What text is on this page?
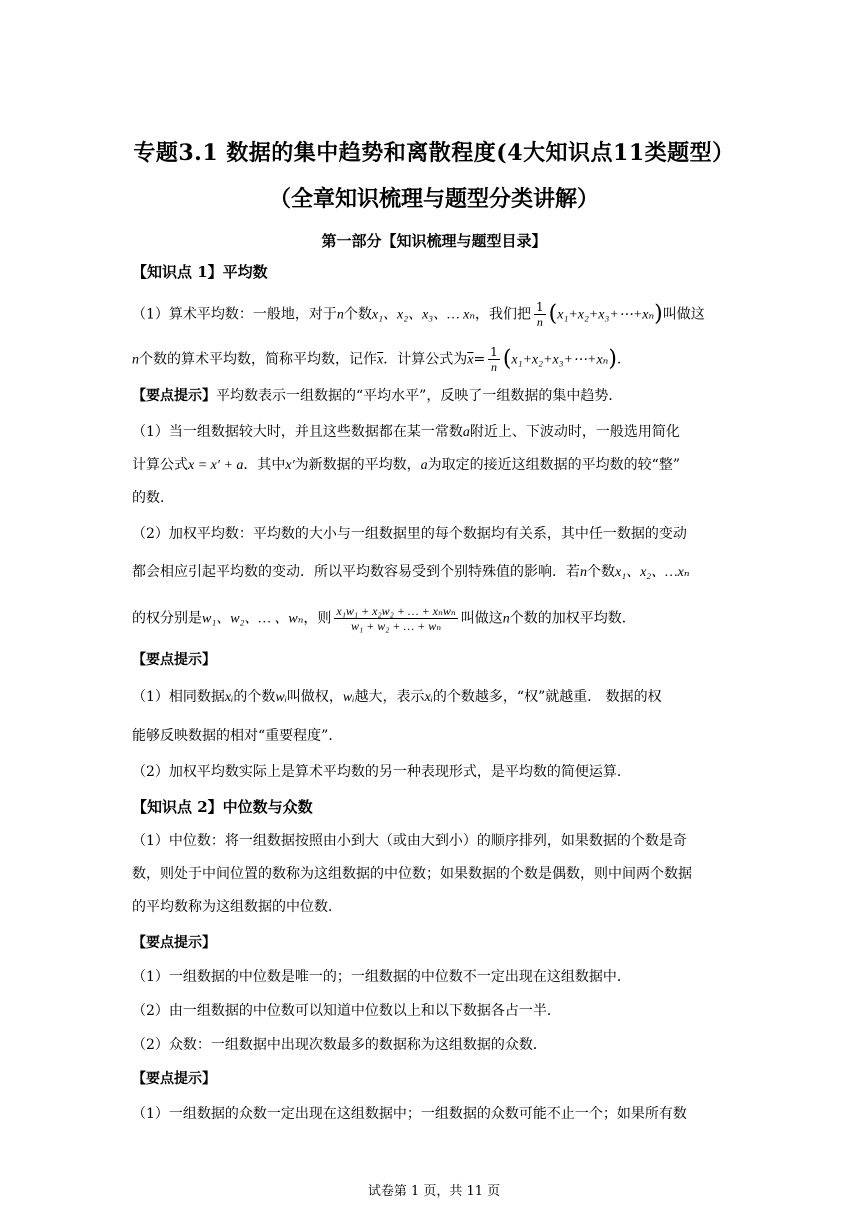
专题3.1 数据的集中趋势和离散程度(4大知识点11类题型）
（全章知识梳理与题型分类讲解）
第一部分【知识梳理与题型目录】
【知识点 1】平均数
（1）算术平均数：一般地，对于n个数x₁、x₂、x₃、… xₙ，我们把 $\frac{1}{n}$ (x₁+x₂+x₃+⋯+xₙ)叫做这
n个数的算术平均数，简称平均数，记作$\overline{x}$．计算公式为$\overline{x}= \frac{1}{n}$ (x₁+x₂+x₃+⋯+xₙ).
【要点提示】平均数表示一组数据的“平均水平”，反映了一组数据的集中趋势．
（1）当一组数据较大时，并且这些数据都在某一常数a附近上、下波动时，一般选用简化
计算公式x = x′ + a．其中x′为新数据的平均数，a为取定的接近这组数据的平均数的较“整”
的数．
（2）加权平均数：平均数的大小与一组数据里的每个数据均有关系，其中任一数据的变动
都会相应引起平均数的变动．所以平均数容易受到个别特殊值的影响．若n个数x₁、x₂、…xₙ
的权分别是w₁、w₂、… 、wₙ，则 $\frac{\text{x₁w₁ + x₂w₂ + … + xₙwₙ}}{\text{w₁ + w₂ + … + wₙ}}$ 叫做这n个数的加权平均数．
【要点提示】
（1）相同数据xᵢ的个数wᵢ叫做权，wᵢ越大，表示xᵢ的个数越多，“权”就越重． 数据的权
能够反映数据的相对“重要程度”．
（2）加权平均数实际上是算术平均数的另一种表现形式，是平均数的简便运算．
【知识点 2】中位数与众数
（1）中位数：将一组数据按照由小到大（或由大到小）的顺序排列，如果数据的个数是奇
数，则处于中间位置的数称为这组数据的中位数；如果数据的个数是偶数，则中间两个数据
的平均数称为这组数据的中位数．
【要点提示】
（1）一组数据的中位数是唯一的；一组数据的中位数不一定出现在这组数据中．
（2）由一组数据的中位数可以知道中位数以上和以下数据各占一半．
（2）众数：一组数据中出现次数最多的数据称为这组数据的众数．
【要点提示】
（1）一组数据的众数一定出现在这组数据中；一组数据的众数可能不止一个；如果所有数
试卷第 1 页，共 11 页
